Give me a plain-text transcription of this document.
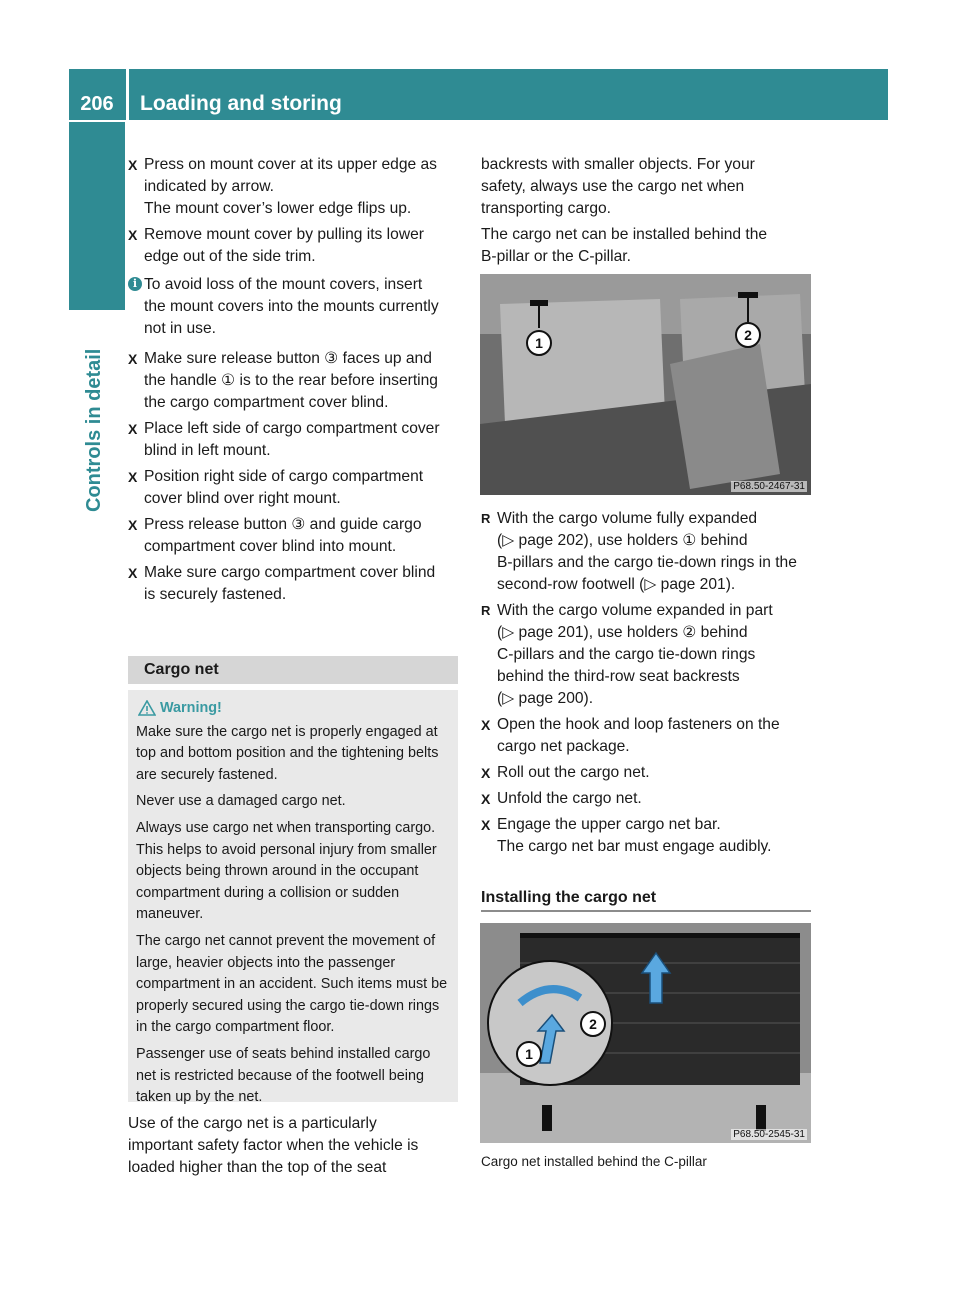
206	Loading and storing
Controls in detail
X Press on mount cover at its upper edge as
indicated by arrow.
The mount cover’s lower edge flips up.
X Remove mount cover by pulling its lower
edge out of the side trim.
i To avoid loss of the mount covers, insert
the mount covers into the mounts currently
not in use.
X Make sure release button ③ faces up and
the handle ① is to the rear before inserting
the cargo compartment cover blind.
X Place left side of cargo compartment cover
blind in left mount.
X Position right side of cargo compartment
cover blind over right mount.
X Press release button ③ and guide cargo
compartment cover blind into mount.
X Make sure cargo compartment cover blind
is securely fastened.
Cargo net
Warning!

Make sure the cargo net is properly engaged at top and bottom position and the tightening belts are securely fastened.

Never use a damaged cargo net.

Always use cargo net when transporting cargo. This helps to avoid personal injury from smaller objects being thrown around in the occupant compartment during a collision or sudden maneuver.

The cargo net cannot prevent the movement of large, heavier objects into the passenger compartment in an accident. Such items must be properly secured using the cargo tie-down rings in the cargo compartment floor.

Passenger use of seats behind installed cargo net is restricted because of the footwell being taken up by the net.

Use of the cargo net is a particularly
important safety factor when the vehicle is
loaded higher than the top of the seat
backrests with smaller objects. For your
safety, always use the cargo net when
transporting cargo.
The cargo net can be installed behind the
B-pillar or the C-pillar.
1	2
P68.50-2467-31
R With the cargo volume fully expanded
(▷ page 202), use holders ① behind
B-pillars and the cargo tie-down rings in the
second-row footwell (▷ page 201).
R With the cargo volume expanded in part
(▷ page 201), use holders ② behind
C-pillars and the cargo tie-down rings
behind the third-row seat backrests
(▷ page 200).
X Open the hook and loop fasteners on the
cargo net package.
X Roll out the cargo net.
X Unfold the cargo net.
X Engage the upper cargo net bar.
The cargo net bar must engage audibly.
Installing the cargo net
2
1
P68.50-2545-31
Cargo net installed behind the C-pillar
